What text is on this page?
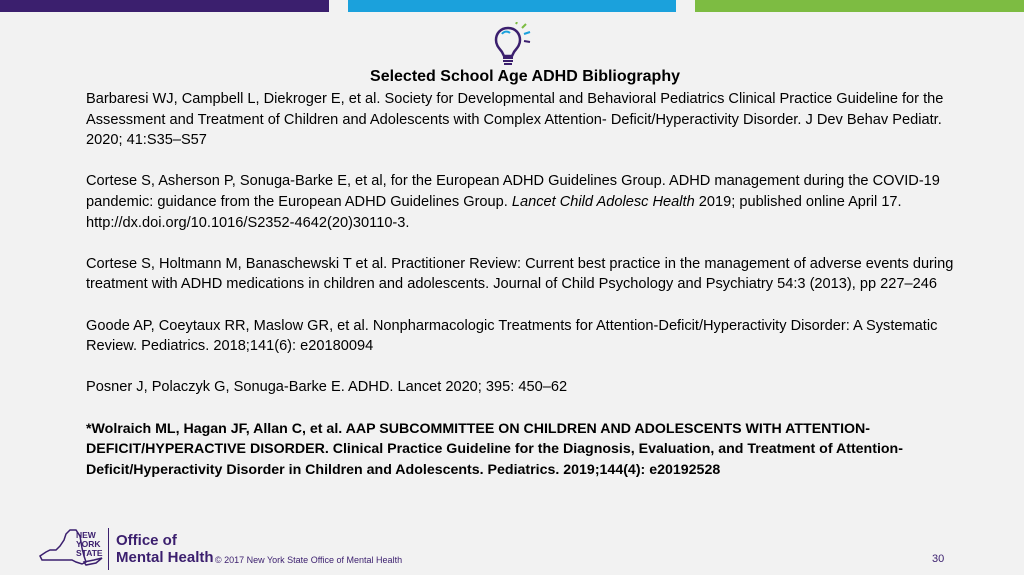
Selected School Age ADHD Bibliography

Barbaresi WJ, Campbell L, Diekroger E, et al. Society for Developmental and Behavioral Pediatrics Clinical Practice Guideline for the Assessment and Treatment of Children and Adolescents with Complex Attention- Deficit/Hyperactivity Disorder. J Dev Behav Pediatr. 2020; 41:S35–S57

Cortese S, Asherson P, Sonuga-Barke E, et al, for the European ADHD Guidelines Group. ADHD management during the COVID-19 pandemic: guidance from the European ADHD Guidelines Group. Lancet Child Adolesc Health 2019; published online April 17. http://dx.doi.org/10.1016/S2352-4642(20)30110-3.

Cortese S, Holtmann M, Banaschewski T et al. Practitioner Review: Current best practice in the management of adverse events during treatment with ADHD medications in children and adolescents. Journal of Child Psychology and Psychiatry 54:3 (2013), pp 227–246

Goode AP, Coeytaux RR, Maslow GR, et al. Nonpharmacologic Treatments for Attention-Deficit/Hyperactivity Disorder: A Systematic Review. Pediatrics. 2018;141(6): e20180094

Posner J, Polaczyk G, Sonuga-Barke E. ADHD. Lancet 2020; 395: 450–62

*Wolraich ML, Hagan JF, Allan C, et al. AAP SUBCOMMITTEE ON CHILDREN AND ADOLESCENTS WITH ATTENTION-DEFICIT/HYPERACTIVE DISORDER. Clinical Practice Guideline for the Diagnosis, Evaluation, and Treatment of Attention-Deficit/Hyperactivity Disorder in Children and Adolescents. Pediatrics. 2019;144(4): e20192528

NEW
YORK
STATE
Office of
Mental Health © 2017 New York State Office of Mental Health	30
